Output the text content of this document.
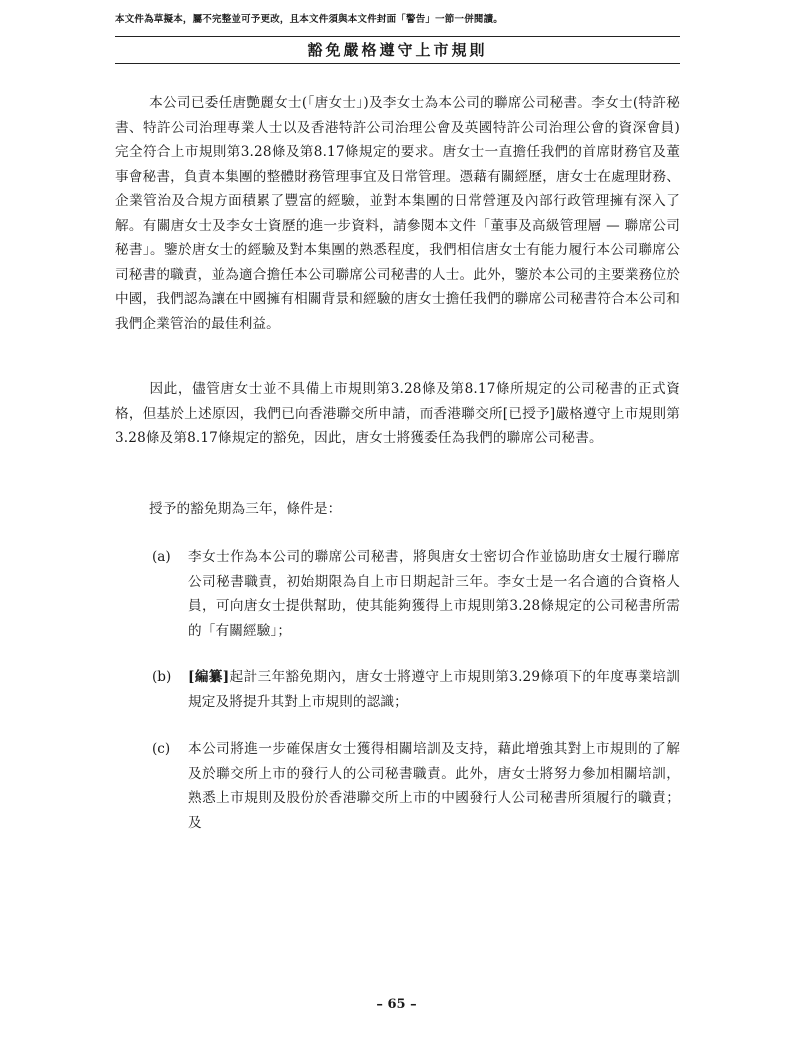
本文件為草擬本，屬不完整並可予更改，且本文件須與本文件封面「警告」一節一併閱讀。
豁免嚴格遵守上市規則

本公司已委任唐艷麗女士(「唐女士」)及李女士為本公司的聯席公司秘書。李女士(特許秘書、特許公司治理專業人士以及香港特許公司治理公會及英國特許公司治理公會的資深會員)完全符合上市規則第3.28條及第8.17條規定的要求。唐女士一直擔任我們的首席財務官及董事會秘書，負責本集團的整體財務管理事宜及日常管理。憑藉有關經歷，唐女士在處理財務、企業管治及合規方面積累了豐富的經驗，並對本集團的日常營運及內部行政管理擁有深入了解。有關唐女士及李女士資歷的進一步資料，請參閱本文件「董事及高級管理層 — 聯席公司秘書」。鑒於唐女士的經驗及對本集團的熟悉程度，我們相信唐女士有能力履行本公司聯席公司秘書的職責，並為適合擔任本公司聯席公司秘書的人士。此外，鑒於本公司的主要業務位於中國，我們認為讓在中國擁有相關背景和經驗的唐女士擔任我們的聯席公司秘書符合本公司和我們企業管治的最佳利益。

因此，儘管唐女士並不具備上市規則第3.28條及第8.17條所規定的公司秘書的正式資格，但基於上述原因，我們已向香港聯交所申請，而香港聯交所[已授予]嚴格遵守上市規則第3.28條及第8.17條規定的豁免，因此，唐女士將獲委任為我們的聯席公司秘書。

授予的豁免期為三年，條件是：

(a)	李女士作為本公司的聯席公司秘書，將與唐女士密切合作並協助唐女士履行聯席公司秘書職責，初始期限為自上市日期起計三年。李女士是一名合適的合資格人員，可向唐女士提供幫助，使其能夠獲得上市規則第3.28條規定的公司秘書所需的「有關經驗」；
(b)	[編纂]起計三年豁免期內，唐女士將遵守上市規則第3.29條項下的年度專業培訓規定及將提升其對上市規則的認識；
(c)	本公司將進一步確保唐女士獲得相關培訓及支持，藉此增強其對上市規則的了解及於聯交所上市的發行人的公司秘書職責。此外，唐女士將努力參加相關培訓，熟悉上市規則及股份於香港聯交所上市的中國發行人公司秘書所須履行的職責；及
– 65 –
